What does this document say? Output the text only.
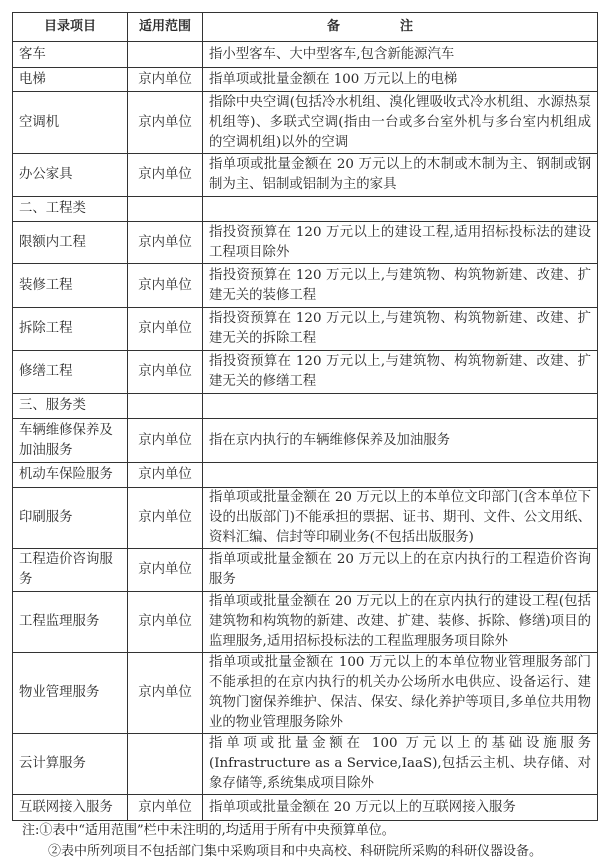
目录项目	适用范围	备注
客车		指小型客车、大中型客车,包含新能源汽车
电梯	京内单位	指单项或批量金额在 100 万元以上的电梯
空调机	京内单位	指除中央空调(包括冷水机组、溴化锂吸收式冷水机组、水源热泵机组等)、多联式空调(指由一台或多台室外机与多台室内机组成的空调机组)以外的空调
办公家具	京内单位	指单项或批量金额在 20 万元以上的木制或木制为主、钢制或钢制为主、铝制或铝制为主的家具
二、工程类		
限额内工程	京内单位	指投资预算在 120 万元以上的建设工程,适用招标投标法的建设工程项目除外
装修工程	京内单位	指投资预算在 120 万元以上,与建筑物、构筑物新建、改建、扩建无关的装修工程
拆除工程	京内单位	指投资预算在 120 万元以上,与建筑物、构筑物新建、改建、扩建无关的拆除工程
修缮工程	京内单位	指投资预算在 120 万元以上,与建筑物、构筑物新建、改建、扩建无关的修缮工程
三、服务类		
车辆维修保养及加油服务	京内单位	指在京内执行的车辆维修保养及加油服务
机动车保险服务	京内单位	
印刷服务	京内单位	指单项或批量金额在 20 万元以上的本单位文印部门(含本单位下设的出版部门)不能承担的票据、证书、期刊、文件、公文用纸、资料汇编、信封等印刷业务(不包括出版服务)
工程造价咨询服务	京内单位	指单项或批量金额在 20 万元以上的在京内执行的工程造价咨询服务
工程监理服务	京内单位	指单项或批量金额在 20 万元以上的在京内执行的建设工程(包括建筑物和构筑物的新建、改建、扩建、装修、拆除、修缮)项目的监理服务,适用招标投标法的工程监理服务项目除外
物业管理服务	京内单位	指单项或批量金额在 100 万元以上的本单位物业管理服务部门不能承担的在京内执行的机关办公场所水电供应、设备运行、建筑物门窗保养维护、保洁、保安、绿化养护等项目,多单位共用物业的物业管理服务除外
云计算服务		指单项或批量金额在 100 万元以上的基础设施服务(Infrastructure as a Service,IaaS),包括云主机、块存储、对象存储等,系统集成项目除外
互联网接入服务	京内单位	指单项或批量金额在 20 万元以上的互联网接入服务
注:①表中“适用范围”栏中未注明的,均适用于所有中央预算单位。
②表中所列项目不包括部门集中采购项目和中央高校、科研院所采购的科研仪器设备。
